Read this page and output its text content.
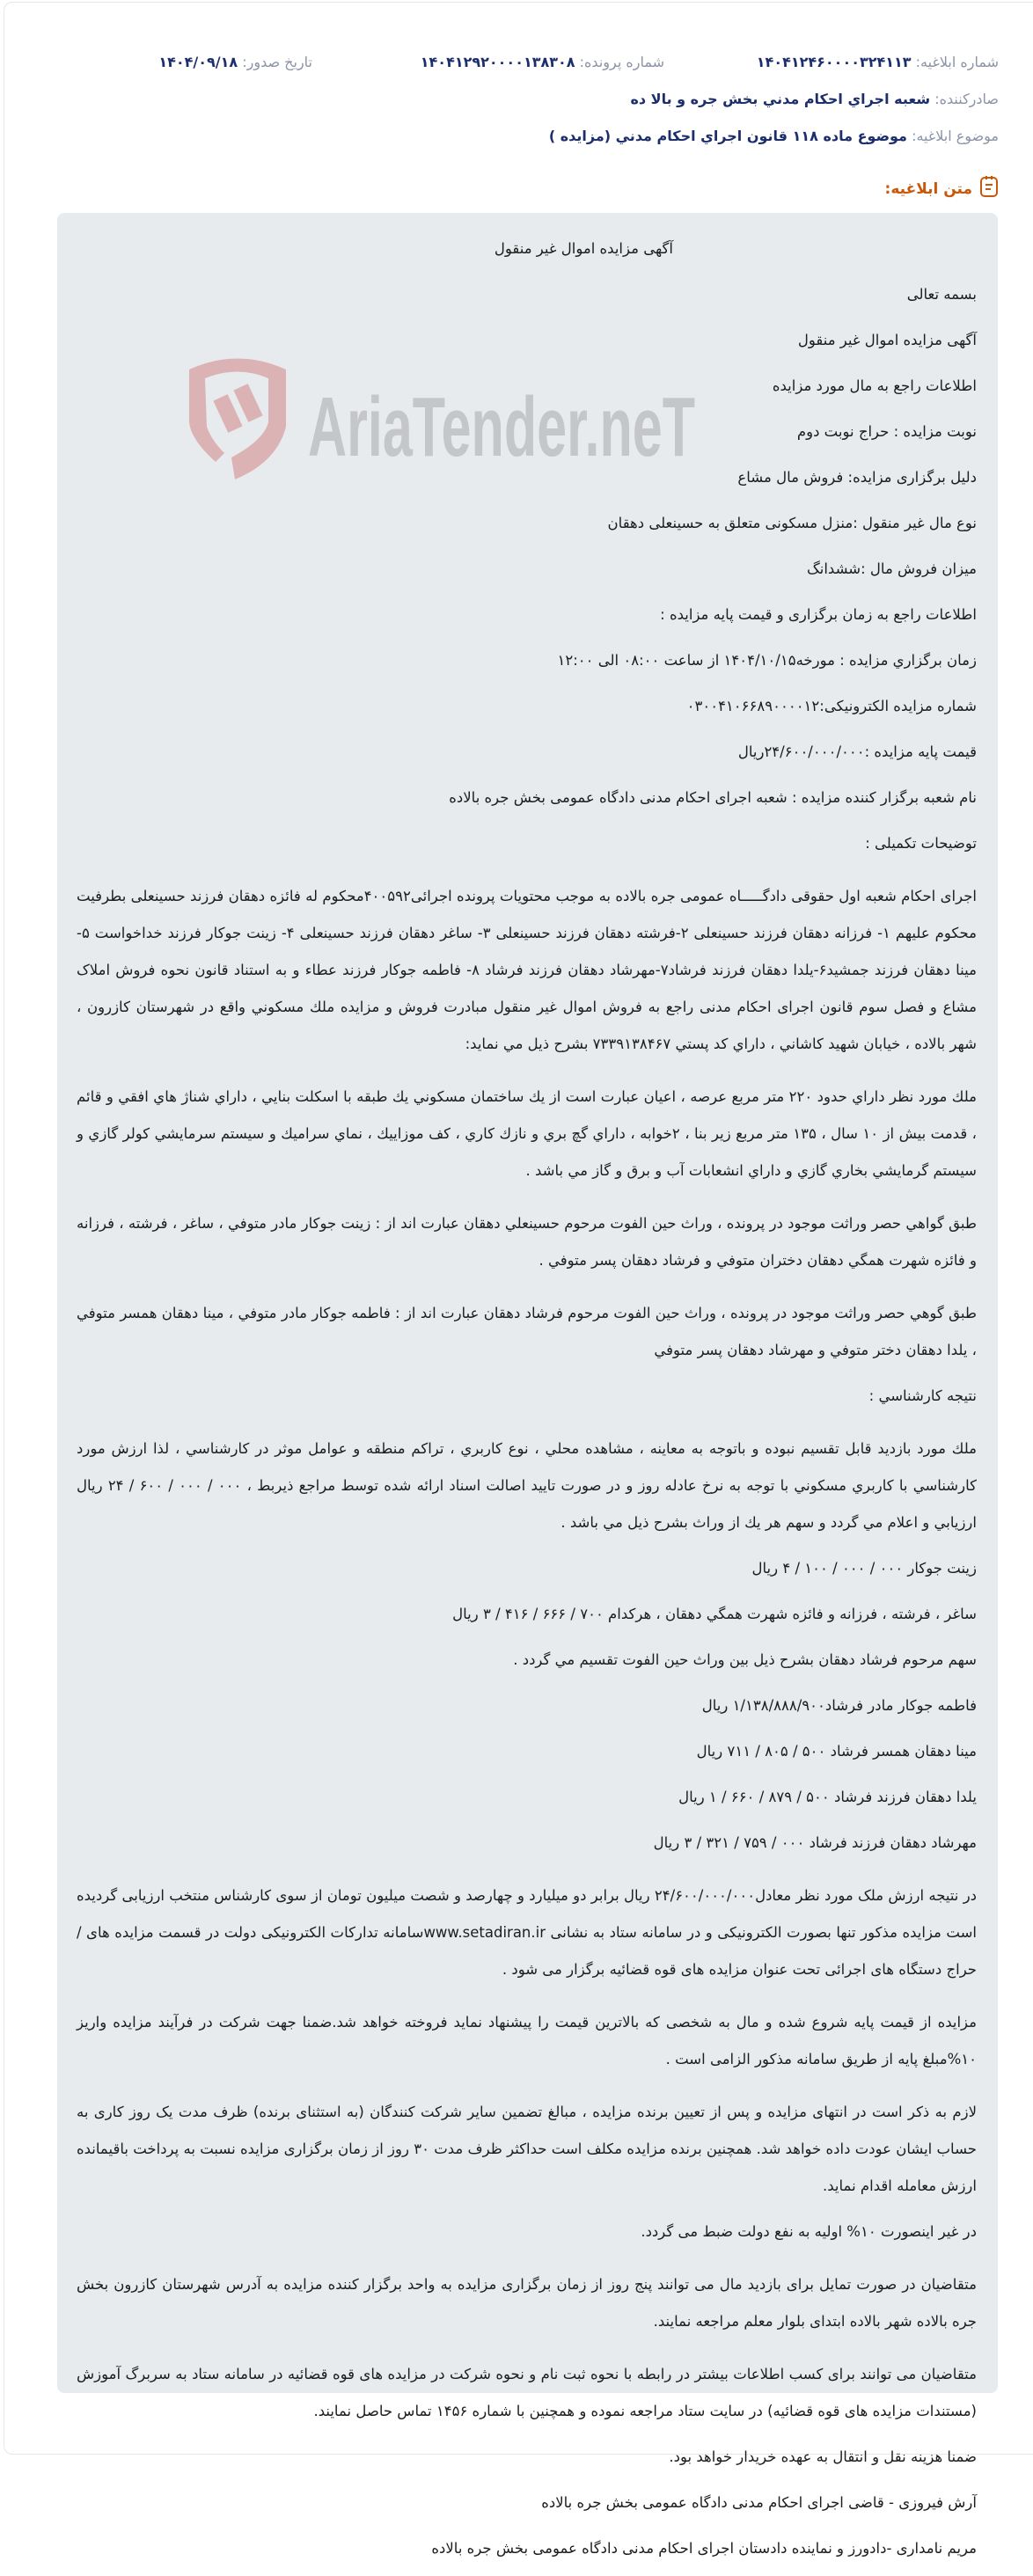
شماره ابلاغیه: ۱۴۰۴۱۲۴۶۰۰۰۰۳۲۴۱۱۳
شماره پرونده: ۱۴۰۴۱۲۹۲۰۰۰۰۱۳۸۳۰۸
تاریخ صدور: ۱۴۰۴/۰۹/۱۸
صادرکننده: شعبه اجراي احكام مدني بخش جره و بالا ده
موضوع ابلاغیه: موضوع ماده ۱۱۸ قانون اجراي احكام مدني (مزايده )
متن ابلاغیه:
AriaTender.neT

آگهی مزایده اموال غیر منقول

بسمه تعالی

آگهی مزایده اموال غیر منقول

اطلاعات راجع به مال مورد مزایده

نوبت مزایده : حراج نوبت دوم

دلیل برگزاری مزایده: فروش مال مشاع

نوع مال غیر منقول :منزل مسکونی متعلق به حسینعلی دهقان

میزان فروش مال :ششدانگ

اطلاعات راجع به زمان برگزاری و قیمت پایه مزایده :

زمان برگزاري مزايده : مورخه۱۴۰۴/۱۰/۱۵ از ساعت ۰۸:۰۰ الی ۱۲:۰۰

شماره مزایده الکترونیکی:۰۳۰۰۴۱۰۶۶۸۹۰۰۰۰۱۲

قیمت پایه مزایده :۲۴/۶۰۰/۰۰۰/۰۰۰ریال

نام شعبه برگزار کننده مزایده : شعبه اجرای احکام مدنی دادگاه عمومی بخش جره بالاده

توضیحات تکمیلی :

اجرای احکام شعبه اول حقوقی دادگـــــاه عمومی جره بالاده به موجب محتویات پرونده اجرائی۴۰۰۵۹۲محکوم له فائزه دهقان فرزند حسینعلی بطرفیت محکوم علیهم ۱- فرزانه دهقان فرزند حسینعلی ۲-فرشته دهقان فرزند حسینعلی ۳- ساغر دهقان فرزند حسینعلی ۴- زینت جوکار فرزند خداخواست ۵-مینا دهقان فرزند جمشید۶-یلدا دهقان فرزند فرشاد۷-مهرشاد دهقان فرزند فرشاد ۸- فاطمه جوکار فرزند عطاء و به استناد قانون نحوه فروش املاک مشاع و فصل سوم قانون اجرای احکام مدنی راجع به فروش اموال غیر منقول مبادرت فروش و مزایده ملك مسكوني واقع در شهرستان كازرون ، شهر بالاده ، خيابان شهيد كاشاني ، داراي كد پستي ۷۳۳۹۱۳۸۴۶۷ بشرح ذيل مي نمايد:

ملك مورد نظر داراي حدود ۲۲۰ متر مربع عرصه ، اعيان عبارت است از يك ساختمان مسكوني يك طبقه با اسكلت بنايي ، داراي شناژ هاي افقي و قائم ، قدمت بيش از ۱۰ سال ، ۱۳۵ متر مربع زير بنا ، ۲خوابه ، داراي گچ بري و نازك كاري ، كف موزاييك ، نماي سراميك و سيستم سرمايشي كولر گازي و سيستم گرمايشي بخاري گازي و داراي انشعابات آب و برق و گاز مي باشد .

طبق گواهي حصر وراثت موجود در پرونده ، وراث حين الفوت مرحوم حسينعلي دهقان عبارت اند از : زينت جوكار مادر متوفي ، ساغر ، فرشته ، فرزانه و فائزه شهرت همگي دهقان دختران متوفي و فرشاد دهقان پسر متوفي .

طبق گوهي حصر وراثت موجود در پرونده ، وراث حين الفوت مرحوم فرشاد دهقان عبارت اند از : فاطمه جوكار مادر متوفي ، مينا دهقان همسر متوفي ، يلدا دهقان دختر متوفي و مهرشاد دهقان پسر متوفي

نتيجه كارشناسي :

ملك مورد بازديد قابل تقسيم نبوده و باتوجه به معاينه ، مشاهده محلي ، نوع كاربري ، تراكم منطقه و عوامل موثر در كارشناسي ، لذا ارزش مورد كارشناسي با كاربري مسكوني با توجه به نرخ عادله روز و در صورت تاييد اصالت اسناد ارائه شده توسط مراجع ذيربط ، ۰۰۰ / ۰۰۰ / ۶۰۰ / ۲۴ ريال ارزيابي و اعلام مي گردد و سهم هر يك از وراث بشرح ذيل مي باشد .

زينت جوكار ۰۰۰ / ۰۰۰ / ۱۰۰ / ۴ ريال

ساغر ، فرشته ، فرزانه و فائزه شهرت همگي دهقان ، هركدام ۷۰۰ / ۶۶۶ / ۴۱۶ / ۳ ريال

سهم مرحوم فرشاد دهقان بشرح ذيل بين وراث حين الفوت تقسيم مي گردد .

فاطمه جوكار مادر فرشاد۱/۱۳۸/۸۸۸/۹۰۰ ريال

مينا دهقان همسر فرشاد ۵۰۰ / ۸۰۵ / ۷۱۱ ريال

يلدا دهقان فرزند فرشاد ۵۰۰ / ۸۷۹ / ۶۶۰ / ۱ ريال

مهرشاد دهقان فرزند فرشاد ۰۰۰ / ۷۵۹ / ۳۲۱ / ۳ ريال

در نتیجه ارزش ملک مورد نظر معادل۲۴/۶۰۰/۰۰۰/۰۰۰ ریال برابر دو میلیارد و چهارصد و شصت میلیون تومان از سوی کارشناس منتخب ارزیابی گردیده است مزایده مذکور تنها بصورت الکترونیکی و در سامانه ستاد به نشانی www.setadiran.irسامانه تدارکات الکترونیکی دولت در قسمت مزایده های / حراج دستگاه های اجرائی تحت عنوان مزایده های قوه قضائیه برگزار می شود .

مزایده از قیمت پایه شروع شده و مال به شخصی که بالاترین قیمت را پیشنهاد نماید فروخته خواهد شد.ضمنا جهت شرکت در فرآیند مزایده واریز ۱۰%مبلغ پایه از طریق سامانه مذکور الزامی است .

لازم به ذکر است در انتهای مزایده و پس از تعیین برنده مزایده ، مبالغ تضمین سایر شرکت کنندگان (به استثنای برنده) ظرف مدت یک روز کاری به حساب ایشان عودت داده خواهد شد. همچنین برنده مزایده مکلف است حداکثر ظرف مدت ۳۰ روز از زمان برگزاری مزایده نسبت به پرداخت باقیمانده ارزش معامله اقدام نماید.

در غیر اینصورت ۱۰% اولیه به نفع دولت ضبط می گردد.

متقاضیان در صورت تمایل برای بازدید مال می توانند پنج روز از زمان برگزاری مزایده به واحد برگزار کننده مزایده به آدرس شهرستان کازرون بخش جره بالاده شهر بالاده ابتدای بلوار معلم مراجعه نمایند.

متقاضیان می توانند برای کسب اطلاعات بیشتر در رابطه با نحوه ثبت نام و نحوه شرکت در مزایده های قوه قضائیه در سامانه ستاد به سربرگ آموزش (مستندات مزایده های قوه قضائیه) در سایت ستاد مراجعه نموده و همچنین با شماره ۱۴۵۶ تماس حاصل نمایند.

ضمنا هزینه نقل و انتقال به عهده خریدار خواهد بود.

آرش فیروزی - قاضی اجرای احکام مدنی دادگاه عمومی بخش جره بالاده

مریم نامداری -دادورز و نماینده دادستان اجرای احکام مدنی دادگاه عمومی بخش جره بالاده
